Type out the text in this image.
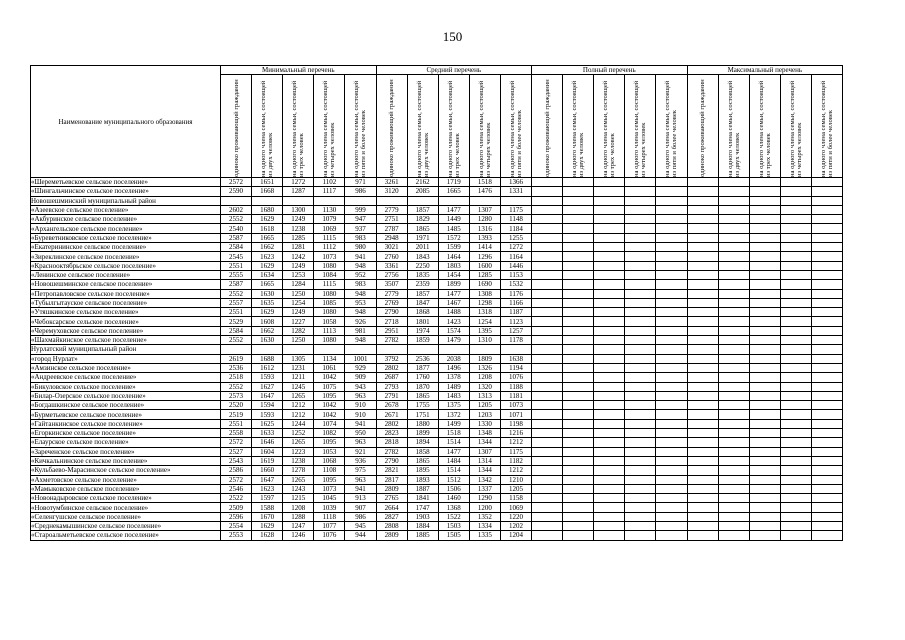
150
Наименование муниципального образования	Минимальный перечень					Средний перечень					Полный перечень					Максимальный перечень				

	одиноко проживающий гражданин	на одного члена семьи, состоящей из двух человек	на одного члена семьи, состоящей из трех человек	на одного члена семьи, состоящей из четырех человек	на одного члена семьи, состоящей из пяти и более человек	одиноко проживающий гражданин	на одного члена семьи, состоящей из двух человек	на одного члена семьи, состоящей из трех человек	на одного члена семьи, состоящей из четырех человек	на одного члена семьи, состоящей из пяти и более человек	одиноко проживающий гражданин	на одного члена семьи, состоящей из двух человек	на одного члена семьи, состоящей из трех человек	на одного члена семьи, состоящей из четырех человек	на одного члена семьи, состоящей из пяти и более человек	одиноко проживающий гражданин	на одного члена семьи, состоящей из двух человек	на одного члена семьи, состоящей из трех человек	на одного члена семьи, состоящей из четырех человек	на одного члена семьи, состоящей из пяти и более человек

«Шереметьевское сельское поселение»	2572	1651	1272	1102	971	3261	2162	1719	1518	1366										
«Шингальчинское сельское поселение»	2590	1668	1287	1117	986	3120	2085	1665	1476	1331										
Новошешминский муниципальный район																				
«Азеевское сельское поселение»	2602	1680	1300	1130	999	2779	1857	1477	1307	1175										
«Акбуринское сельское поселение»	2552	1629	1249	1079	947	2751	1829	1449	1280	1148										
«Архангельское сельское поселение»	2540	1618	1238	1069	937	2787	1865	1485	1316	1184										
«Буреветниковское сельское поселение»	2587	1665	1285	1115	983	2948	1971	1572	1393	1255										
«Екатерининское сельское поселение»	2584	1662	1281	1112	980	3021	2011	1599	1414	1272										
«Зиреклинское сельское поселение»	2545	1623	1242	1073	941	2760	1843	1464	1296	1164										
«Краснооктябрьское сельское поселение»	2551	1629	1249	1080	948	3361	2250	1803	1600	1446										
«Ленинское сельское поселение»	2555	1634	1253	1084	952	2756	1835	1454	1285	1153										
«Новошешминское сельское поселение»	2587	1665	1284	1115	983	3507	2359	1899	1690	1532										
«Петропавловское сельское поселение»	2552	1630	1250	1080	948	2779	1857	1477	1308	1176										
«Тубылгытауское сельское поселение»	2557	1635	1254	1085	953	2769	1847	1467	1298	1166										
«Утяшкинское сельское поселение»	2551	1629	1249	1080	948	2790	1868	1488	1318	1187										
«Чебоксарское сельское поселение»	2529	1608	1227	1058	926	2718	1801	1423	1254	1123										
«Черемуховское сельское поселение»	2584	1662	1282	1113	981	2951	1974	1574	1395	1257										
«Шахмайкинское сельское поселение»	2552	1630	1250	1080	948	2782	1859	1479	1310	1178										
Нурлатский муниципальный район																				
«город Нурлат»	2619	1688	1305	1134	1001	3792	2536	2038	1809	1638										
«Амзинское сельское поселение»	2536	1612	1231	1061	929	2802	1877	1496	1326	1194										
«Андреевское сельское поселение»	2518	1593	1211	1042	909	2687	1760	1378	1208	1076										
«Бикуловское сельское поселение»	2552	1627	1245	1075	943	2793	1870	1489	1320	1188										
«Билар-Озерское сельское поселение»	2573	1647	1265	1095	963	2791	1865	1483	1313	1181										
«Богдашкинское сельское поселение»	2520	1594	1212	1042	910	2678	1755	1375	1205	1073										
«Бурметьевское сельское поселение»	2519	1593	1212	1042	910	2671	1751	1372	1203	1071										
«Гайтанкинское сельское поселение»	2551	1625	1244	1074	941	2802	1880	1499	1330	1198										
«Егоркинское сельское поселение»	2558	1633	1252	1082	950	2823	1899	1518	1348	1216										
«Елаурское сельское поселение»	2572	1646	1265	1095	963	2818	1894	1514	1344	1212										
«Зареченское сельское поселение»	2527	1604	1223	1053	921	2782	1858	1477	1307	1175										
«Кичкальнинское сельское поселение»	2543	1619	1238	1068	936	2790	1865	1484	1314	1182										
«Кульбаево-Марасинское сельское поселение»	2586	1660	1278	1108	975	2821	1895	1514	1344	1212										
«Ахметовское сельское поселение»	2572	1647	1265	1095	963	2817	1893	1512	1342	1210										
«Мамыковское сельское поселение»	2546	1623	1243	1073	941	2809	1887	1506	1337	1205										
«Новонадыровское сельское поселение»	2522	1597	1215	1045	913	2765	1841	1460	1290	1158										
«Новотумбинское сельское поселение»	2509	1588	1208	1039	907	2664	1747	1368	1200	1069										
«Селенгушское сельское поселение»	2596	1670	1288	1118	986	2827	1903	1522	1352	1220										
«Среднекамышинское сельское поселение»	2554	1629	1247	1077	945	2808	1884	1503	1334	1202										
«Староальметьевское сельское поселение»	2553	1628	1246	1076	944	2809	1885	1505	1335	1204										
